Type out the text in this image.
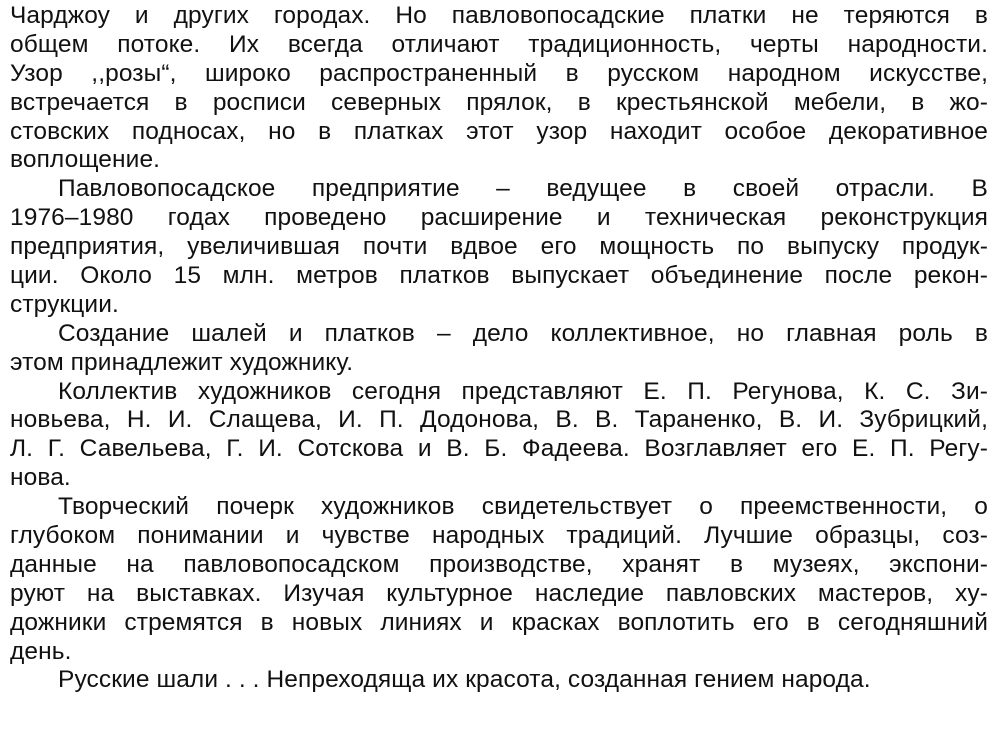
Чарджоу и других городах. Но павловопосадские платки не теряются в
общем потоке. Их всегда отличают традиционность, черты народности.
Узор ,,розы“, широко распространенный в русском народном искусстве,
встречается в росписи северных прялок, в крестьянской мебели, в жо-
стовских подносах, но в платках этот узор находит особое декоративное
воплощение.
Павловопосадское предприятие – ведущее в своей отрасли. В
1976–1980 годах проведено расширение и техническая реконструкция
предприятия, увеличившая почти вдвое его мощность по выпуску продук-
ции. Около 15 млн. метров платков выпускает объединение после рекон-
струкции.
Создание шалей и платков – дело коллективное, но главная роль в
этом принадлежит художнику.
Коллектив художников сегодня представляют Е. П. Регунова, К. С. Зи-
новьева, Н. И. Слащева, И. П. Додонова, В. В. Тараненко, В. И. Зубрицкий,
Л. Г. Савельева, Г. И. Сотскова и В. Б. Фадеева. Возглавляет его Е. П. Регу-
нова.
Творческий почерк художников свидетельствует о преемственности, о
глубоком понимании и чувстве народных традиций. Лучшие образцы, соз-
данные на павловопосадском производстве, хранят в музеях, экспони-
руют на выставках. Изучая культурное наследие павловских мастеров, ху-
дожники стремятся в новых линиях и красках воплотить его в сегодняшний
день.
Русские шали . . . Непреходяща их красота, созданная гением народа.
